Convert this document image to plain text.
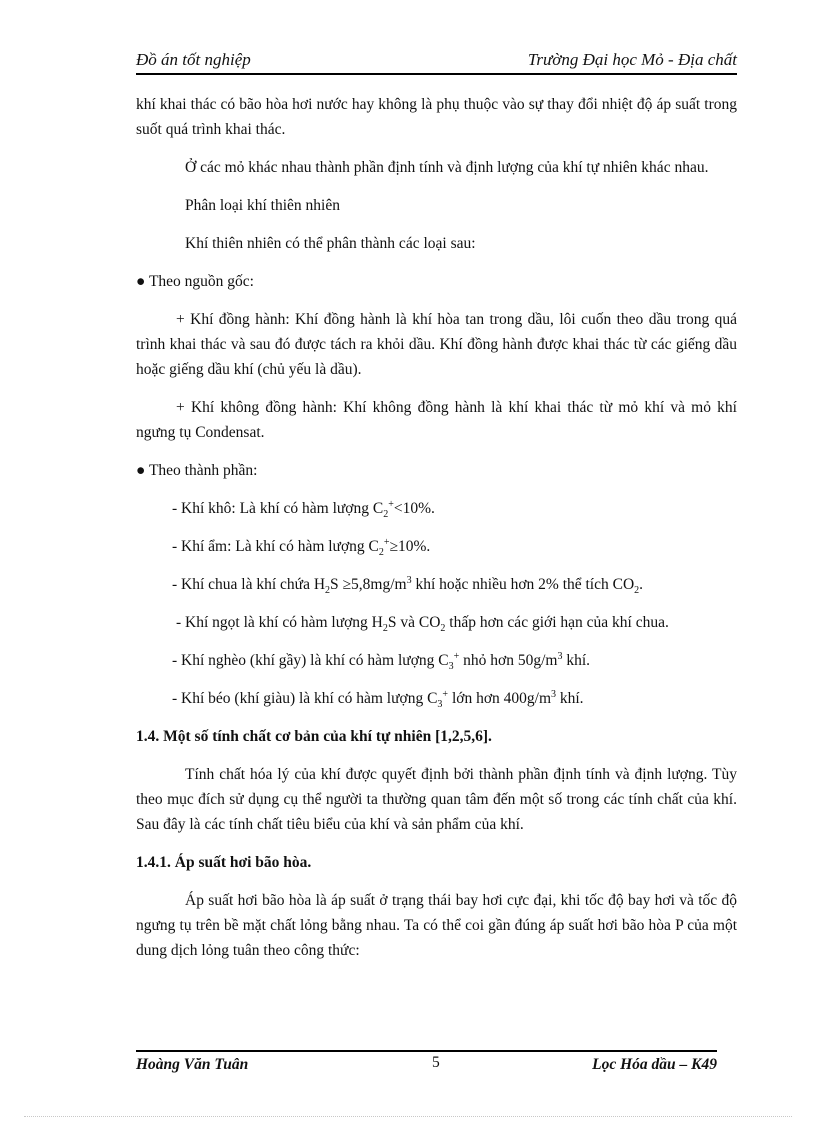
Đồ án tốt nghiệp	Trường Đại học Mỏ - Địa chất

khí khai thác có bão hòa hơi nước hay không là phụ thuộc vào sự thay đổi nhiệt độ áp suất trong suốt quá trình khai thác.

Ở các mỏ khác nhau thành phần định tính và định lượng của khí tự nhiên khác nhau.

Phân loại khí thiên nhiên

Khí thiên nhiên có thể phân thành các loại sau:

● Theo nguồn gốc:

+ Khí đồng hành: Khí đồng hành là khí hòa tan trong dầu, lôi cuốn theo dầu trong quá trình khai thác và sau đó được tách ra khỏi dầu. Khí đồng hành được khai thác từ các giếng dầu hoặc giếng dầu khí (chủ yếu là dầu).

+ Khí không đồng hành: Khí không đồng hành là khí khai thác từ mỏ khí và mỏ khí ngưng tụ Condensat.

● Theo thành phần:

- Khí khô: Là khí có hàm lượng $C_2^+<10\%$.

- Khí ẩm: Là khí có hàm lượng $C_2^+\ge 10\%$.

- Khí chua là khí chứa $H_2S \ge 5,8mg/m^3$ khí hoặc nhiều hơn 2% thể tích $CO_2$.

- Khí ngọt là khí có hàm lượng $H_2S$ và $CO_2$ thấp hơn các giới hạn của khí chua.

- Khí nghèo (khí gầy) là khí có hàm lượng $C_3^+$ nhỏ hơn $50g/m^3$ khí.

- Khí béo (khí giàu) là khí có hàm lượng $C_3^+$ lớn hơn $400g/m^3$ khí.

1.4. Một số tính chất cơ bản của khí tự nhiên [1,2,5,6].

Tính chất hóa lý của khí được quyết định bởi thành phần định tính và định lượng. Tùy theo mục đích sử dụng cụ thể người ta thường quan tâm đến một số trong các tính chất của khí. Sau đây là các tính chất tiêu biểu của khí và sản phẩm của khí.

1.4.1. Áp suất hơi bão hòa.

Áp suất hơi bão hòa là áp suất ở trạng thái bay hơi cực đại, khi tốc độ bay hơi và tốc độ ngưng tụ trên bề mặt chất lỏng bằng nhau. Ta có thể coi gần đúng áp suất hơi bão hòa P của một dung dịch lỏng tuân theo công thức:

Hoàng Văn Tuân	5	Lọc Hóa dầu – K49
